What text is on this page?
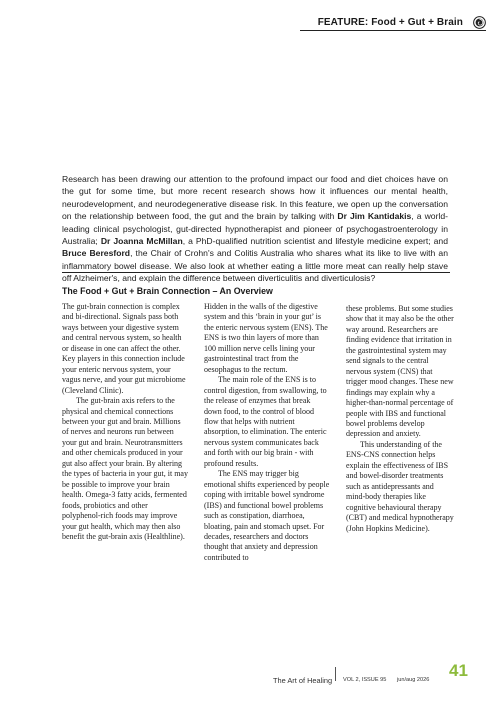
FEATURE: Food + Gut + Brain
Research has been drawing our attention to the profound impact our food and diet choices have on the gut for some time, but more recent research shows how it influences our mental health, neurodevelopment, and neurodegenerative disease risk. In this feature, we open up the conversation on the relationship between food, the gut and the brain by talking with Dr Jim Kantidakis, a world-leading clinical psychologist, gut-directed hypnotherapist and pioneer of psychogastroenterology in Australia; Dr Joanna McMillan, a PhD-qualified nutrition scientist and lifestyle medicine expert; and Bruce Beresford, the Chair of Crohn's and Colitis Australia who shares what its like to live with an inflammatory bowel disease. We also look at whether eating a little more meat can really help stave off Alzheimer's, and explain the difference between diverticulitis and diverticulosis?
The Food + Gut + Brain Connection – An Overview

The gut-brain connection is complex and bi-directional. Signals pass both ways between your digestive system and central nervous system, so health or disease in one can affect the other. Key players in this connection include your enteric nervous system, your vagus nerve, and your gut microbiome (Cleveland Clinic).

The gut-brain axis refers to the physical and chemical connections between your gut and brain. Millions of nerves and neurons run between your gut and brain. Neurotransmitters and other chemicals produced in your gut also affect your brain. By altering the types of bacteria in your gut, it may be possible to improve your brain health. Omega-3 fatty acids, fermented foods, probiotics and other polyphenol-rich foods may improve your gut health, which may then also benefit the gut-brain axis (Healthline).

Hidden in the walls of the digestive system and this ‘brain in your gut’ is the enteric nervous system (ENS). The ENS is two thin layers of more than 100 million nerve cells lining your gastrointestinal tract from the oesophagus to the rectum.

The main role of the ENS is to control digestion, from swallowing, to the release of enzymes that break down food, to the control of blood flow that helps with nutrient absorption, to elimination. The enteric nervous system communicates back and forth with our big brain - with profound results.

The ENS may trigger big emotional shifts experienced by people coping with irritable bowel syndrome (IBS) and functional bowel problems such as constipation, diarrhoea, bloating, pain and stomach upset. For decades, researchers and doctors thought that anxiety and depression contributed to

these problems. But some studies show that it may also be the other way around. Researchers are finding evidence that irritation in the gastrointestinal system may send signals to the central nervous system (CNS) that trigger mood changes. These new findings may explain why a higher-than-normal percentage of people with IBS and functional bowel problems develop depression and anxiety.

This understanding of the ENS-CNS connection helps explain the effectiveness of IBS and bowel-disorder treatments such as antidepressants and mind-body therapies like cognitive behavioural therapy (CBT) and medical hypnotherapy (John Hopkins Medicine).

The Art of Healing VOL 2, ISSUE 95 jun/aug 2026 41
